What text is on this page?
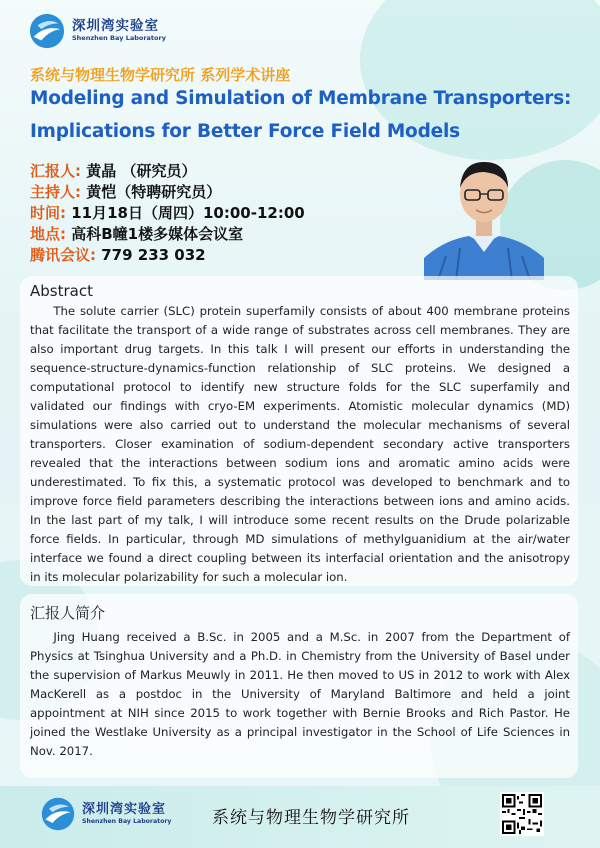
深圳湾实验室
Shenzhen Bay Laboratory
系统与物理生物学研究所 系列学术讲座
Modeling and Simulation of Membrane Transporters:
Implications for Better Force Field Models
汇报人: 黄晶 （研究员）
主持人: 黄恺（特聘研究员）
时间: 11月18日（周四）10:00-12:00
地点: 高科B幢1楼多媒体会议室
腾讯会议: 779 233 032
Abstract

The solute carrier (SLC) protein superfamily consists of about 400 membrane proteins that facilitate the transport of a wide range of substrates across cell membranes. They are also important drug targets. In this talk I will present our efforts in understanding the sequence-structure-dynamics-function relationship of SLC proteins. We designed a computational protocol to identify new structure folds for the SLC superfamily and validated our findings with cryo-EM experiments. Atomistic molecular dynamics (MD) simulations were also carried out to understand the molecular mechanisms of several transporters. Closer examination of sodium-dependent secondary active transporters revealed that the interactions between sodium ions and aromatic amino acids were underestimated. To fix this, a systematic protocol was developed to benchmark and to improve force field parameters describing the interactions between ions and amino acids. In the last part of my talk, I will introduce some recent results on the Drude polarizable force fields. In particular, through MD simulations of methylguanidium at the air/water interface we found a direct coupling between its interfacial orientation and the anisotropy in its molecular polarizability for such a molecular ion.

汇报人简介

Jing Huang received a B.Sc. in 2005 and a M.Sc. in 2007 from the Department of Physics at Tsinghua University and a Ph.D. in Chemistry from the University of Basel under the supervision of Markus Meuwly in 2011. He then moved to US in 2012 to work with Alex MacKerell as a postdoc in the University of Maryland Baltimore and held a joint appointment at NIH since 2015 to work together with Bernie Brooks and Rich Pastor. He joined the Westlake University as a principal investigator in the School of Life Sciences in Nov. 2017.

深圳湾实验室
Shenzhen Bay Laboratory 系统与物理生物学研究所
